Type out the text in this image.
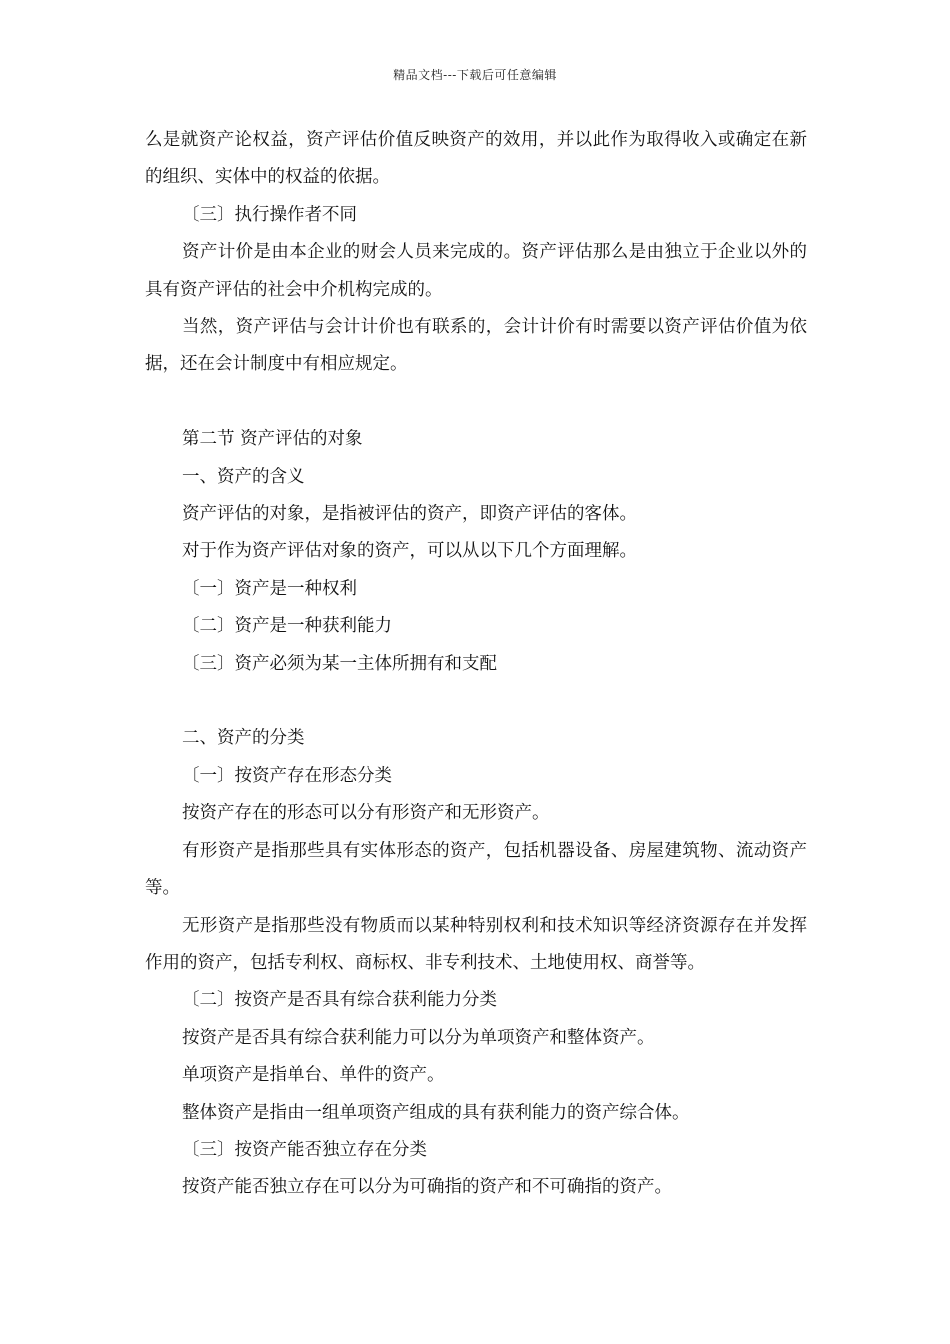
精品文档---下载后可任意编辑

么是就资产论权益，资产评估价值反映资产的效用，并以此作为取得收入或确定在新的组织、实体中的权益的依据。

〔三〕执行操作者不同

资产计价是由本企业的财会人员来完成的。资产评估那么是由独立于企业以外的具有资产评估的社会中介机构完成的。

当然，资产评估与会计计价也有联系的，会计计价有时需要以资产评估价值为依据，还在会计制度中有相应规定。

第二节 资产评估的对象

一、资产的含义

资产评估的对象，是指被评估的资产，即资产评估的客体。

对于作为资产评估对象的资产，可以从以下几个方面理解。

〔一〕资产是一种权利

〔二〕资产是一种获利能力

〔三〕资产必须为某一主体所拥有和支配

二、资产的分类

〔一〕按资产存在形态分类

按资产存在的形态可以分有形资产和无形资产。

有形资产是指那些具有实体形态的资产，包括机器设备、房屋建筑物、流动资产等。

无形资产是指那些没有物质而以某种特别权利和技术知识等经济资源存在并发挥作用的资产，包括专利权、商标权、非专利技术、土地使用权、商誉等。

〔二〕按资产是否具有综合获利能力分类

按资产是否具有综合获利能力可以分为单项资产和整体资产。

单项资产是指单台、单件的资产。

整体资产是指由一组单项资产组成的具有获利能力的资产综合体。

〔三〕按资产能否独立存在分类

按资产能否独立存在可以分为可确指的资产和不可确指的资产。
